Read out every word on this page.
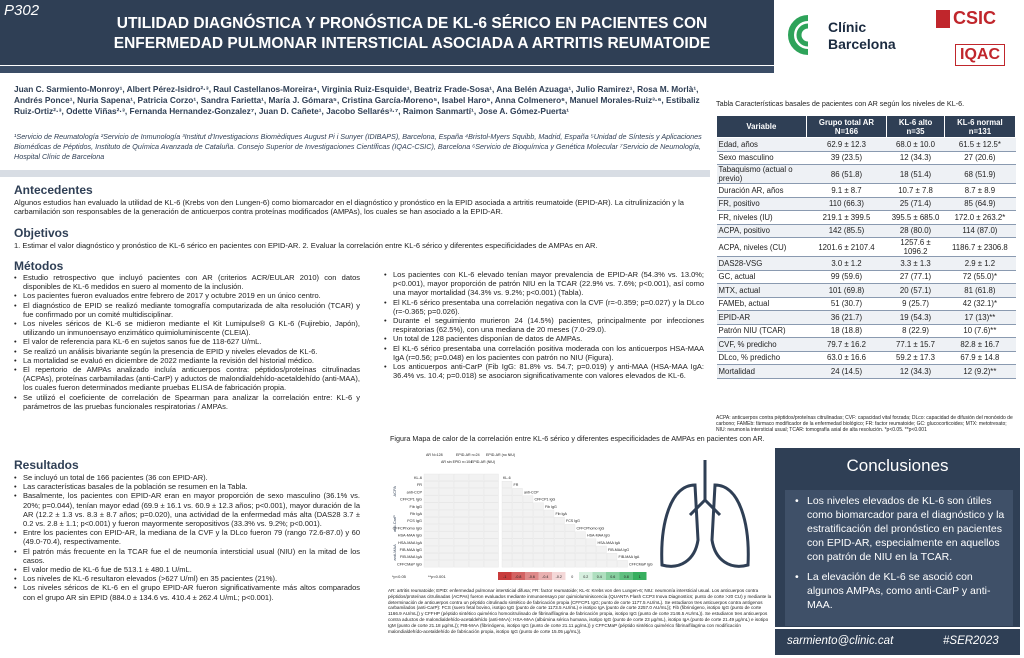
P302
UTILIDAD DIAGNÓSTICA Y PRONÓSTICA DE KL-6 SÉRICO EN PACIENTES CON ENFERMEDAD PULMONAR INTERSTICIAL ASOCIADA A ARTRITIS REUMATOIDE
Clínic
Barcelona
CSIC
IQAC
Juan C. Sarmiento-Monroy¹, Albert Pérez-Isidro²·³, Raul Castellanos-Moreira⁴, Virginia Ruiz-Esquide¹, Beatriz Frade-Sosa¹, Ana Belén Azuaga¹, Julio Ramirez¹, Rosa M. Morlà¹, Andrés Ponce¹, Nuria Sapena¹, Patricia Corzo¹, Sandra Farietta¹, María J. Gómara⁵, Cristina García-Moreno⁵, Isabel Haro⁵, Anna Colmenero⁶, Manuel Morales-Ruiz³·⁶, Estibaliz Ruiz-Ortiz²·³, Odette Viñas²·³, Fernanda Hernandez-Gonzalez⁷, Juan D. Cañete¹, Jacobo Sellarés³·⁷, Raimon Sanmartí¹, Jose A. Gómez-Puerta¹
¹Servicio de Reumatología ²Servicio de Inmunología ³Institut d'Investigacions Biomèdiques August Pi i Sunyer (IDIBAPS), Barcelona, España ⁴Bristol-Myers Squibb, Madrid, España ⁵Unidad de Síntesis y Aplicaciones Biomédicas de Péptidos, Instituto de Química Avanzada de Cataluña. Consejo Superior de Investigaciones Científicas (IQAC-CSIC), Barcelona ⁶Servicio de Bioquímica y Genética Molecular ⁷Servicio de Neumología, Hospital Clínic de Barcelona
Antecedentes
Algunos estudios han evaluado la utilidad de KL-6 (Krebs von den Lungen-6) como biomarcador en el diagnóstico y pronóstico en la EPID asociada a artritis reumatoide (EPID-AR). La citrulinización y la carbamilación son responsables de la generación de anticuerpos contra proteínas modificados (AMPAs), los cuales se han asociado a la EPID-AR.
Objetivos
1. Estimar el valor diagnóstico y pronóstico de KL-6 sérico en pacientes con EPID-AR. 2. Evaluar la correlación entre KL-6 sérico y diferentes especificidades de AMPAs en AR.
Métodos
• Estudio retrospectivo que incluyó pacientes con AR (criterios ACR/EULAR 2010) con datos disponibles de KL-6 medidos en suero al momento de la inclusión.
• Los pacientes fueron evaluados entre febrero de 2017 y octubre 2019 en un único centro.
• El diagnóstico de EPID se realizó mediante tomografía computarizada de alta resolución (TCAR) y fue confirmado por un comité multidisciplinar.
• Los niveles séricos de KL-6 se midieron mediante el Kit Lumipulse® G KL-6 (Fujirebio, Japón), utilizando un inmunoensayo enzimático quimioluminiscente (CLEIA).
• El valor de referencia para KL-6 en sujetos sanos fue de 118-627 U/mL.
• Se realizó un análisis bivariante según la presencia de EPID y niveles elevados de KL-6.
• La mortalidad se evaluó en diciembre de 2022 mediante la revisión del historial médico.
• El repertorio de AMPAs analizado incluía anticuerpos contra: péptidos/proteínas citrulinadas (ACPAs), proteínas carbamiladas (anti-CarP) y aductos de malondialdehído-acetaldehído (anti-MAA), los cuales fueron determinados mediante pruebas ELISA de fabricación propia.
• Se utilizó el coeficiente de correlación de Spearman para analizar la correlación entre: KL-6 y parámetros de las pruebas funcionales respiratorias / AMPAs.
Resultados
• Se incluyó un total de 166 pacientes (36 con EPID-AR).
• Las características basales de la población se resumen en la Tabla.
• Basalmente, los pacientes con EPID-AR eran en mayor proporción de sexo masculino (36.1% vs. 20%; p=0.044), tenían mayor edad (69.9 ± 16.1 vs. 60.9 ± 12.3 años; p<0.001), mayor duración de la AR (12.2 ± 1.3 vs. 8.3 ± 8.7 años; p=0.020), una actividad de la enfermedad más alta (DAS28 3.7 ± 0.2 vs. 2.8 ± 1.1; p<0.001) y fueron mayormente seropositivos (33.3% vs. 9.2%; p<0.001).
• Entre los pacientes con EPID-AR, la mediana de la CVF y la DLco fueron 79 (rango 72.6-87.0) y 60 (49.0-70.4), respectivamente.
• El patrón más frecuente en la TCAR fue el de neumonía intersticial usual (NIU) en la mitad de los casos.
• El valor medio de KL-6 fue de 513.1 ± 480.1 U/mL.
• Los niveles de KL-6 resultaron elevados (>627 U/ml) en 35 pacientes (21%).
• Los niveles séricos de KL-6 en el grupo EPID-AR fueron significativamente más altos comparados con el grupo AR sin EPID (884.0 ± 134.6 vs. 410.4 ± 262.4 U/mL; p<0.001).
• Los pacientes con KL-6 elevado tenían mayor prevalencia de EPID-AR (54.3% vs. 13.0%; p<0.001), mayor proporción de patrón NIU en la TCAR (22.9% vs. 7.6%; p<0.001), así como una mayor mortalidad (34.3% vs. 9.2%; p<0.001) (Tabla).
• El KL-6 sérico presentaba una correlación negativa con la CVF (r=-0.359; p=0.027) y la DLco (r=-0.365; p=0.026).
• Durante el seguimiento murieron 24 (14.5%) pacientes, principalmente por infecciones respiratorias (62.5%), con una mediana de 20 meses (7.0-29.0).
• Un total de 128 pacientes disponían de datos de AMPAs.
• El KL-6 sérico presentaba una correlación positiva moderada con los anticuerpos HSA-MAA IgA (r=0.56; p=0.048) en los pacientes con patrón no NIU (Figura).
• Los anticuerpos anti-CarP (Fib IgG: 81.8% vs. 54.7; p=0.019) y anti-MAA (HSA-MAA IgA: 36.4% vs. 10.4; p=0.018) se asociaron significativamente con valores elevados de KL-6.
Tabla Características basales de pacientes con AR según los niveles de KL-6.
Variable	Grupo total AR N=166	KL-6 alto n=35	KL-6 normal n=131
Edad, años	62.9 ± 12.3	68.0 ± 10.0	61.5 ± 12.5*
Sexo masculino	39 (23.5)	12 (34.3)	27 (20.6)
Tabaquismo (actual o previo)	86 (51.8)	18 (51.4)	68 (51.9)
Duración AR, años	9.1 ± 8.7	10.7 ± 7.8	8.7 ± 8.9
FR, positivo	110 (66.3)	25 (71.4)	85 (64.9)
FR, niveles (IU)	219.1 ± 399.5	395.5 ± 685.0	172.0 ± 263.2*
ACPA, positivo	142 (85.5)	28 (80.0)	114 (87.0)
ACPA, niveles (CU)	1201.6 ± 2107.4	1257.6 ± 1096.2	1186.7 ± 2306.8
DAS28-VSG	3.0 ± 1.2	3.3 ± 1.3	2.9 ± 1.2
GC, actual	99 (59.6)	27 (77.1)	72 (55.0)*
MTX, actual	101 (69.8)	20 (57.1)	81 (61.8)
FAMEb, actual	51 (30.7)	9 (25.7)	42 (32.1)*
EPID-AR	36 (21.7)	19 (54.3)	17 (13)**
Patrón NIU (TCAR)	18 (18.8)	8 (22.9)	10 (7.6)**
CVF, % predicho	79.7 ± 16.2	77.1 ± 15.7	82.8 ± 16.7
DLco, % predicho	63.0 ± 16.6	59.2 ± 17.3	67.9 ± 14.8
Mortalidad	24 (14.5)	12 (34.3)	12 (9.2)**
ACPA: anticuerpos contra péptidos/proteínas citrulinadas; CVF: capacidad vital forzada; DLco: capacidad de difusión del monóxido de carbono; FAMEb: fármaco modificador de la enfermedad biológico; FR: factor reumatoide; GC: glucocorticoides; MTX: metotrexato; NIU: neumonía intersticial usual; TCAR: tomografía axial de alta resolución. *p<0.05. **p<0.001
Figura Mapa de calor de la correlación entre KL-6 sérico y diferentes especificidades de AMPAs en pacientes con AR.
AR N=128
AR sin EPID n=104
EPID-AR n=24
EPID-AR (NIU)
EPID-AR (no NIU)
KL-6	KL-6
FR	FR
anti-CCP	anti-CCP
CFFCP1 IgG	CFFCP1 IgG
Fib IgG	Fib IgG
Fib IgA	Fib IgA
FCS IgG	FCS IgG
CFFCPhomo IgG	CFFCPhomo IgG
HSA-MAA IgG	HSA-MAA IgG
HSA-MAA IgA	HSA-MAA IgA
FIB-MAA IgG	FIB-MAA IgG
FIB-MAA IgA	FIB-MAA IgA
CFFCMaP IgG	CFFCMaP IgG
ACPA
anti-CarP
anti-MAA
*p<0.05	**p<0.001	-1 -0.8 -0.6 -0.4 -0.2	0	0.2 0.4 0.6 0.8	1
AR: artritis reumatoide; EPID: enfermedad pulmonar intersticial difusa; FR: factor reumatoide; KL-6: Krebs von den Lungen-6; NIU: neumonía intersticial usual. Los anticuerpos contra péptidos/proteínas citrulinadas (ACPAs) fueron evaluados mediante inmunoensayo por quimioluminiscencia (QUANTA Flash CCP3 Inova Diagnostics; punto de corte >20 CU) y mediante la determinación de anticuerpos contra un péptido citrulinado sintético de fabricación propia (CFFCP1 IgG; punto de corte 1177.5 AU/mL). Se estudiaron tres anticuerpos contra antígenos carbamilados (anti-CarP): FCS (suero fetal bovino, isotipo IgG (punto de corte 1173.5 AU/mL) e isotipo IgA (punto de corte 2257.0 AU/mL)); Fib (fibrinógeno, isotipo IgG (punto de corte 1166.9 AU/mL)) y CFFHP (péptido sintético quimérico homocitrulinado de fibrina/filagrina de fabricación propia, isotipo IgG (punto de corte 2146.5 AU/mL)). Se estudiaron tres anticuerpos contra aductos de malondialdehído-acetaldehído (anti-MAA): HSA-MAA (albúmina sérica humana, isotipo IgG (punto de corte 23 µg/mL), isotipo IgA (punto de corte 21.49 µg/mL) e isotipo IgM (punto de corte 21.18 µg/mL)); FIB-MAA (fibrinógeno, isotipo IgG (punto de corte 21.11 µg/mL)) y CFFCMaP (péptido sintético quimérico fibrina/filagrina con modificación malondialdehído-acetaldehído de fabricación propia, isotipo IgG (punto de corte 15.05 µg/mL)).
Conclusiones
• Los niveles elevados de KL-6 son útiles como biomarcador para el diagnóstico y la estratificación del pronóstico en pacientes con EPID-AR, especialmente en aquellos con patrón de NIU en la TCAR.
• La elevación de KL-6 se asoció con algunos AMPAs, como anti-CarP y anti-MAA.
sarmiento@clinic.cat	#SER2023
